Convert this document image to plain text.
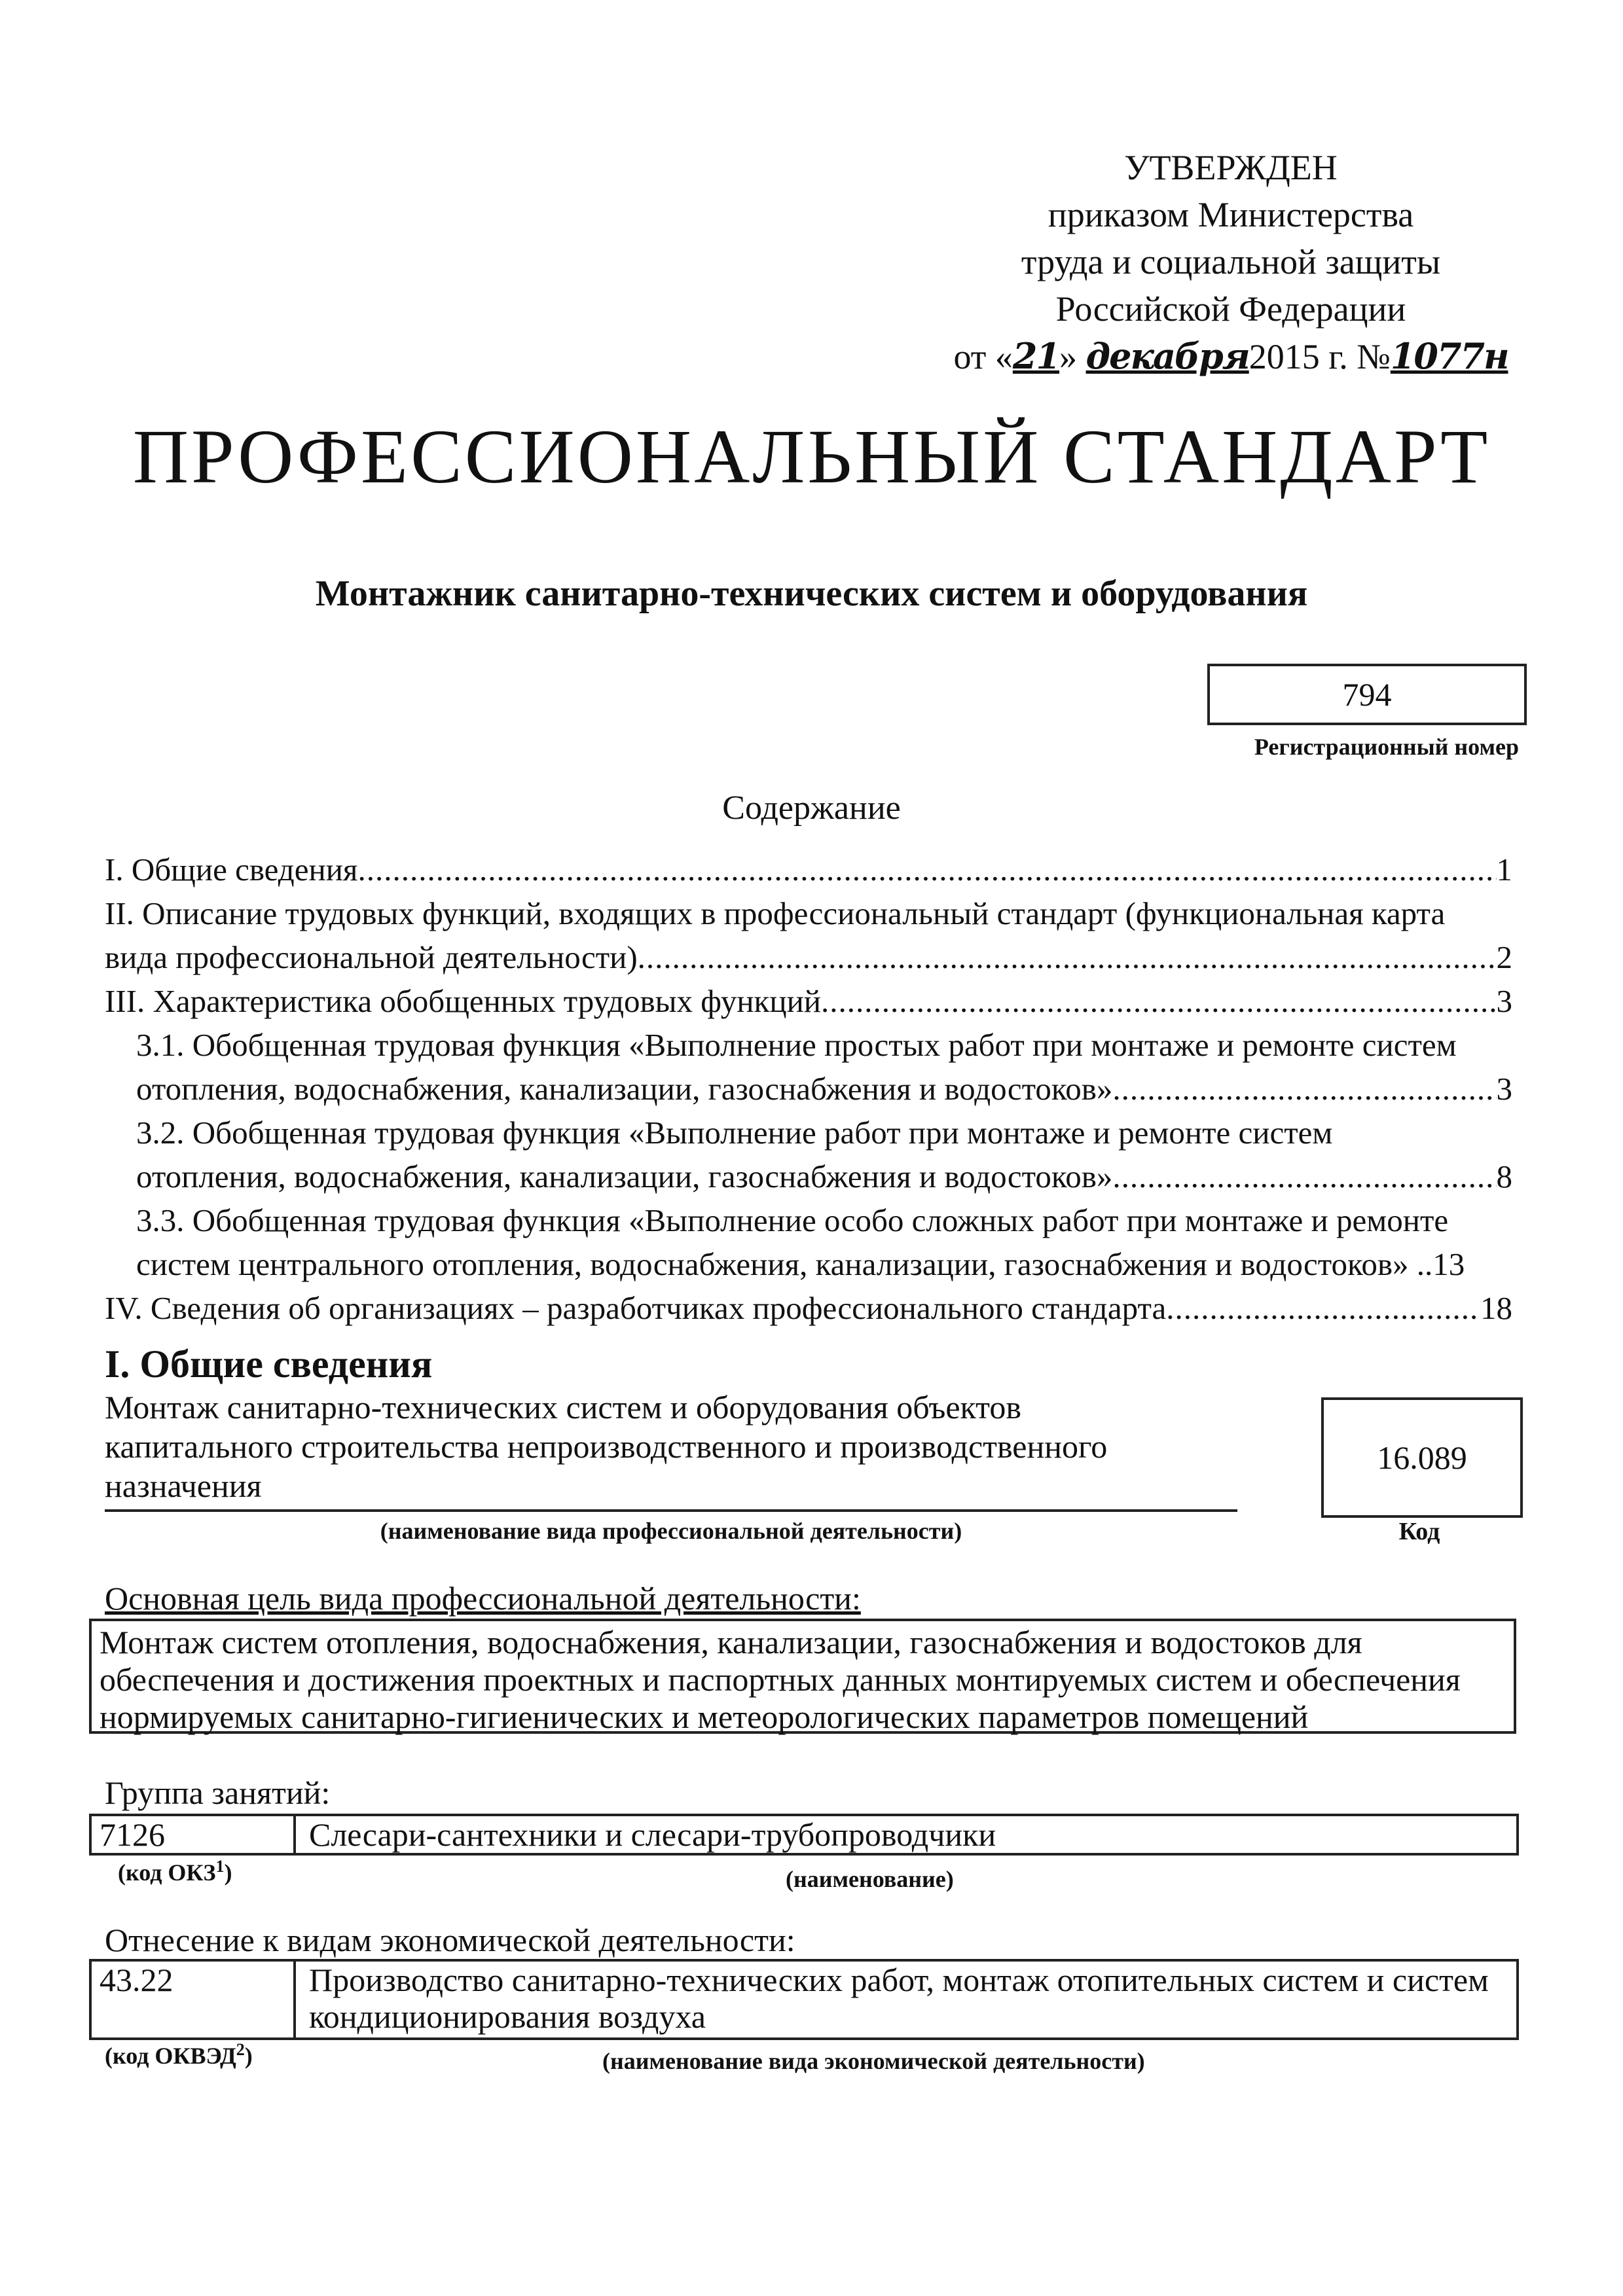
УТВЕРЖДЕН
приказом Министерства
труда и социальной защиты
Российской Федерации
от «21» декабря2015 г. №1077н
ПРОФЕССИОНАЛЬНЫЙ СТАНДАРТ
Монтажник санитарно-технических систем и оборудования
794
Регистрационный номер
Содержание
I. Общие сведения .....	1
II. Описание трудовых функций, входящих в профессиональный стандарт (функциональная карта
вида профессиональной деятельности) .....	2
III. Характеристика обобщенных трудовых функций .....	3
3.1. Обобщенная трудовая функция «Выполнение простых работ при монтаже и ремонте систем
отопления, водоснабжения, канализации, газоснабжения и водостоков» .....	3
3.2. Обобщенная трудовая функция «Выполнение работ при монтаже и ремонте систем
отопления, водоснабжения, канализации, газоснабжения и водостоков» .....	8
3.3. Обобщенная трудовая функция «Выполнение особо сложных работ при монтаже и ремонте
систем центрального отопления, водоснабжения, канализации, газоснабжения и водостоков» .. 13
IV. Сведения об организациях – разработчиках профессионального стандарта .....	18
I. Общие сведения
Монтаж санитарно-технических систем и оборудования объектов
капитального строительства непроизводственного и производственного
назначения
(наименование вида профессиональной деятельности)
16.089
Код
Основная цель вида профессиональной деятельности:
Монтаж систем отопления, водоснабжения, канализации, газоснабжения и водостоков для
обеспечения и достижения проектных и паспортных данных монтируемых систем и обеспечения
нормируемых санитарно-гигиенических и метеорологических параметров помещений
Группа занятий:
7126	Слесари-сантехники и слесари-трубопроводчики
(код ОКЗ$^1$)	(наименование)
Отнесение к видам экономической деятельности:
43.22	Производство санитарно-технических работ, монтаж отопительных систем и систем
кондиционирования воздуха
(код ОКВЭД$^2$)	(наименование вида экономической деятельности)
